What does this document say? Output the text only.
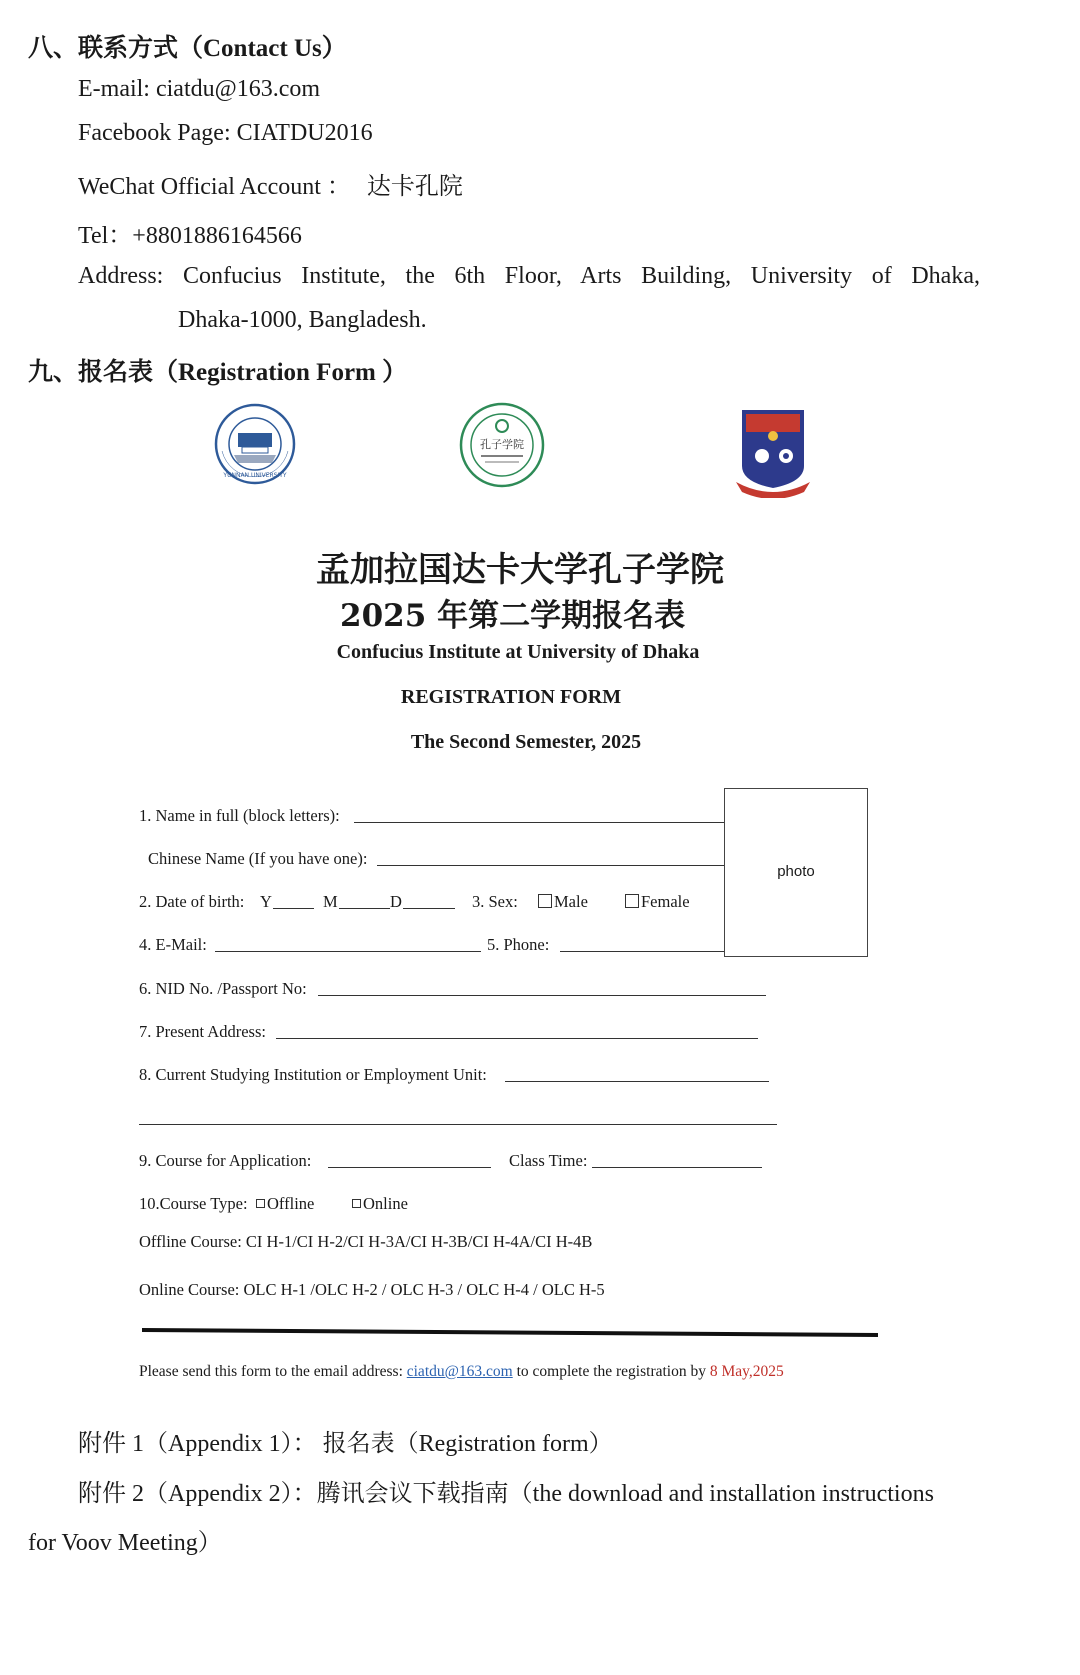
八、联系方式（Contact Us）
E-mail: ciatdu@163.com
Facebook Page: CIATDU2016
WeChat Official Account ： 达卡孔院
Tel：+8801886164566
Address: Confucius Institute, the 6th Floor, Arts Building, University of Dhaka,
Dhaka-1000, Bangladesh.
九、报名表（Registration Form ）
YUNNAN UNIVERSITY
孔子学院
孟加拉国达卡大学孔子学院
2025 年第二学期报名表
Confucius Institute at University of Dhaka
REGISTRATION FORM
The Second Semester, 2025
photo
1. Name in full (block letters):
Chinese Name (If you have one):
2. Date of birth: Y	M	D	3. Sex:	Male	Female
4. E-Mail:	5. Phone:
6. NID No. /Passport No:
7. Present Address:
8. Current Studying Institution or Employment Unit:
9. Course for Application:	Class Time:
10.Course Type:	Offline	Online
Offline Course: CI H-1/CI H-2/CI H-3A/CI H-3B/CI H-4A/CI H-4B
Online Course: OLC H-1 /OLC H-2 / OLC H-3 / OLC H-4 / OLC H-5
Please send this form to the email address: ciatdu@163.com to complete the registration by 8 May,2025
附件 1（Appendix 1）： 报名表（Registration form）
附件 2（Appendix 2）：腾讯会议下载指南（the download and installation instructions
for Voov Meeting）
